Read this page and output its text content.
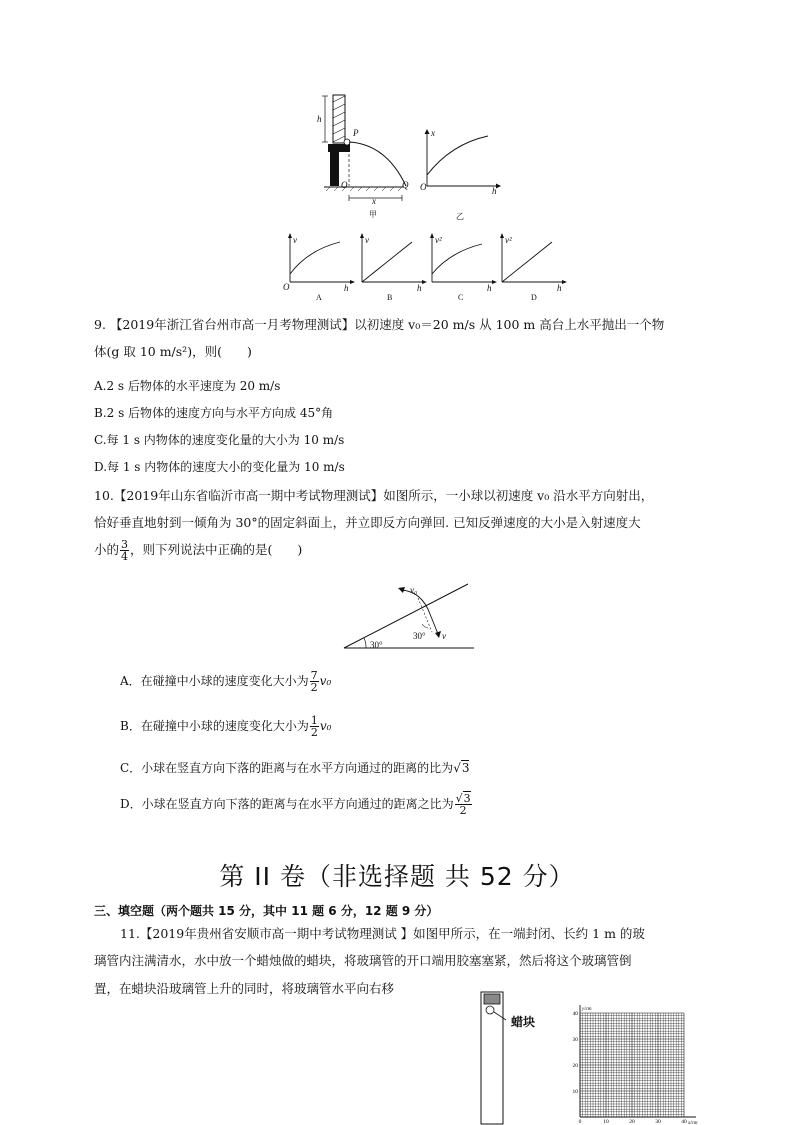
h
P
O	Q
x
甲	乙
x
h
O
v
h
O
A
v
h
B
v²
h
C
v²
h
D
9. 【2019年浙江省台州市高一月考物理测试】以初速度 v₀＝20 m/s 从 100 m 高台上水平抛出一个物
体(g 取 10 m/s²)，则(　　)
A.2 s 后物体的水平速度为 20 m/s
B.2 s 后物体的速度方向与水平方向成 45°角
C.每 1 s 内物体的速度变化量的大小为 10 m/s
D.每 1 s 内物体的速度大小的变化量为 10 m/s
10.【2019年山东省临沂市高一期中考试物理测试】如图所示，一小球以初速度 v₀ 沿水平方向射出，
恰好垂直地射到一倾角为 30°的固定斜面上，并立即反方向弹回. 已知反弹速度的大小是入射速度大
小的 $\frac{3}{4}$ ，则下列说法中正确的是(　　)
v₀
v
30°
30°
A．在碰撞中小球的速度变化大小为 $\frac{7}{2} v_0$
B．在碰撞中小球的速度变化大小为 $\frac{1}{2} v_0$
C．小球在竖直方向下落的距离与在水平方向通过的距离的比为√3
D．小球在竖直方向下落的距离与在水平方向通过的距离之比为 $\frac{√3}{2}$
第 II 卷（非选择题 共 52 分）
三、填空题（两个题共 15 分，其中 11 题 6 分，12 题 9 分）
11.【2019年贵州省安顺市高一期中考试物理测试 】如图甲所示，在一端封闭、长约 1 m 的玻
璃管内注满清水，水中放一个蜡烛做的蜡块，将玻璃管的开口端用胶塞塞紧，然后将这个玻璃管倒
置，在蜡块沿玻璃管上升的同时，将玻璃管水平向右移
蜡块
y/cm
x/cm
40
30
20
10
0	10	20	30	40
